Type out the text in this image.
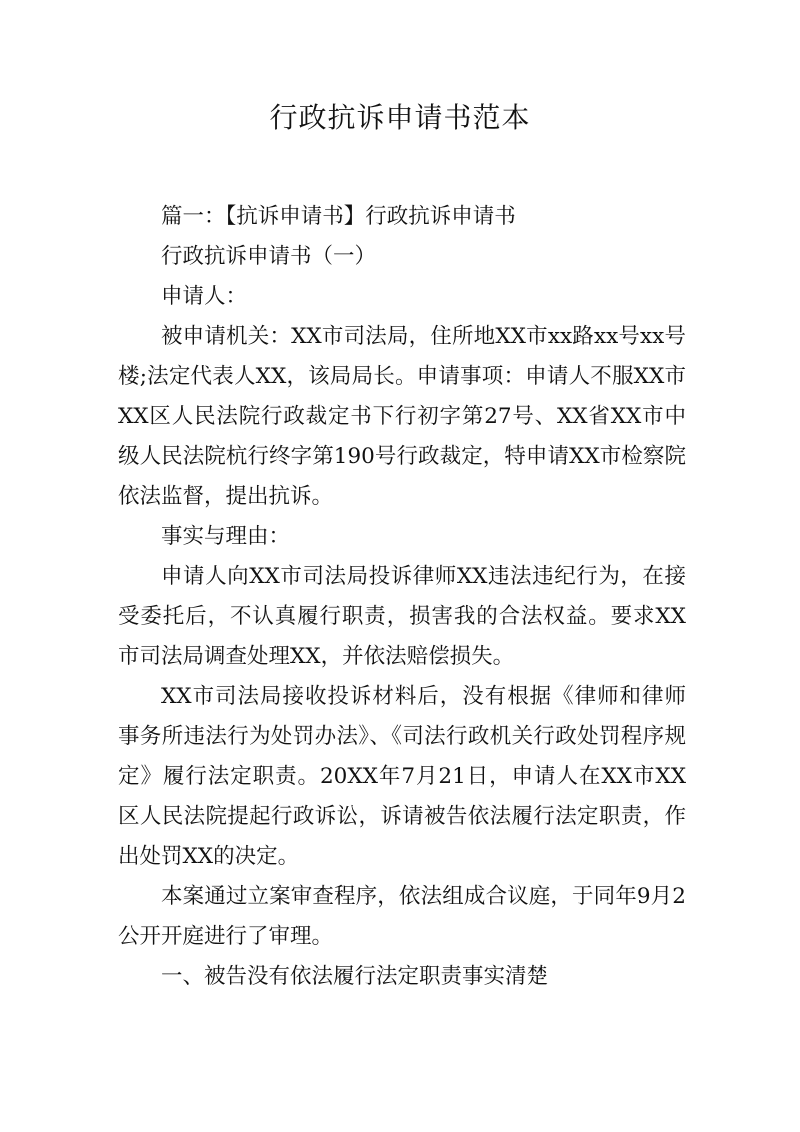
行政抗诉申请书范本

篇一：【抗诉申请书】行政抗诉申请书

行政抗诉申请书（一）

申请人：

被申请机关：XX市司法局，住所地XX市xx路xx号xx号楼;法定代表人XX，该局局长。申请事项：申请人不服XX市XX区人民法院行政裁定书下行初字第27号、XX省XX市中级人民法院杭行终字第190号行政裁定，特申请XX市检察院依法监督，提出抗诉。

事实与理由：

申请人向XX市司法局投诉律师XX违法违纪行为，在接受委托后，不认真履行职责，损害我的合法权益。要求XX市司法局调查处理XX，并依法赔偿损失。

XX市司法局接收投诉材料后，没有根据《律师和律师事务所违法行为处罚办法》、《司法行政机关行政处罚程序规定》履行法定职责。20XX年7月21日，申请人在XX市XX区人民法院提起行政诉讼，诉请被告依法履行法定职责，作出处罚XX的决定。

本案通过立案审查程序，依法组成合议庭，于同年9月2公开开庭进行了审理。

一、被告没有依法履行法定职责事实清楚
